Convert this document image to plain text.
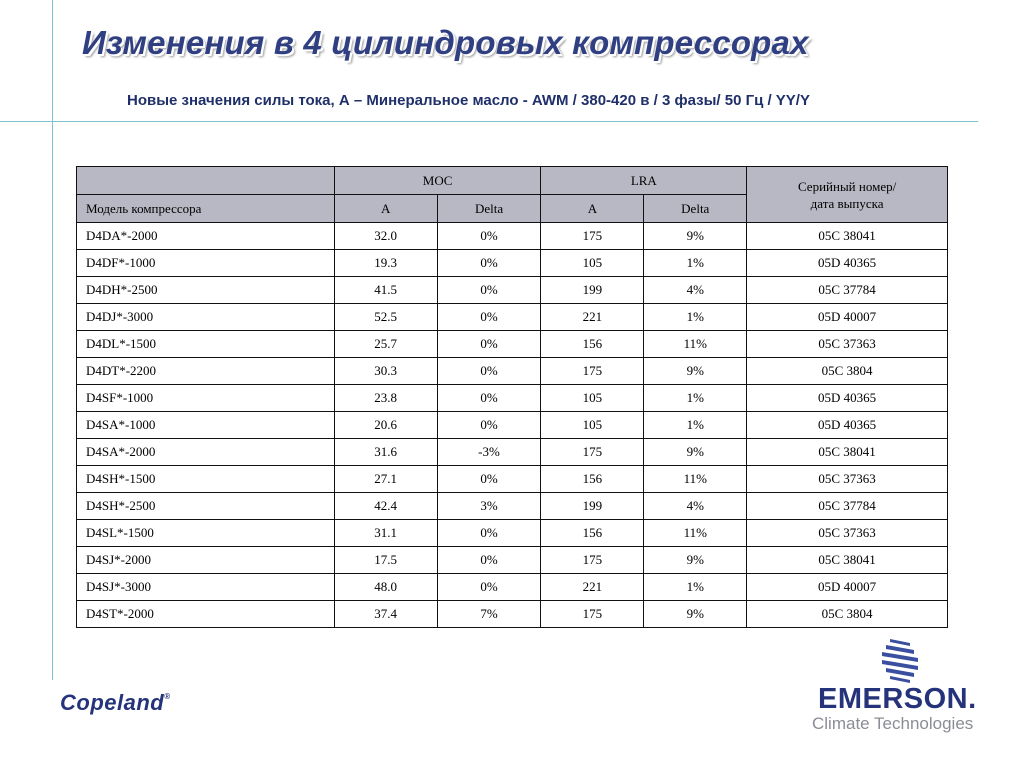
Изменения в 4 цилиндровых компрессорах

Новые значения силы тока, А – Минеральное масло - AWM / 380-420 в / 3 фазы/ 50 Гц / YY/Y

	MOC		LRA		Серийный номер/
дата выпуска
Модель компрессора	A	Delta	A	Delta	
D4DA*-2000	32.0	0%	175	9%	05C 38041
D4DF*-1000	19.3	0%	105	1%	05D 40365
D4DH*-2500	41.5	0%	199	4%	05C 37784
D4DJ*-3000	52.5	0%	221	1%	05D 40007
D4DL*-1500	25.7	0%	156	11%	05C 37363
D4DT*-2200	30.3	0%	175	9%	05C 3804
D4SF*-1000	23.8	0%	105	1%	05D 40365
D4SA*-1000	20.6	0%	105	1%	05D 40365
D4SA*-2000	31.6	-3%	175	9%	05C 38041
D4SH*-1500	27.1	0%	156	11%	05C 37363
D4SH*-2500	42.4	3%	199	4%	05C 37784
D4SL*-1500	31.1	0%	156	11%	05C 37363
D4SJ*-2000	17.5	0%	175	9%	05C 38041
D4SJ*-3000	48.0	0%	221	1%	05D 40007
D4ST*-2000	37.4	7%	175	9%	05C 3804
Copeland®	EMERSON.
Climate Technologies
